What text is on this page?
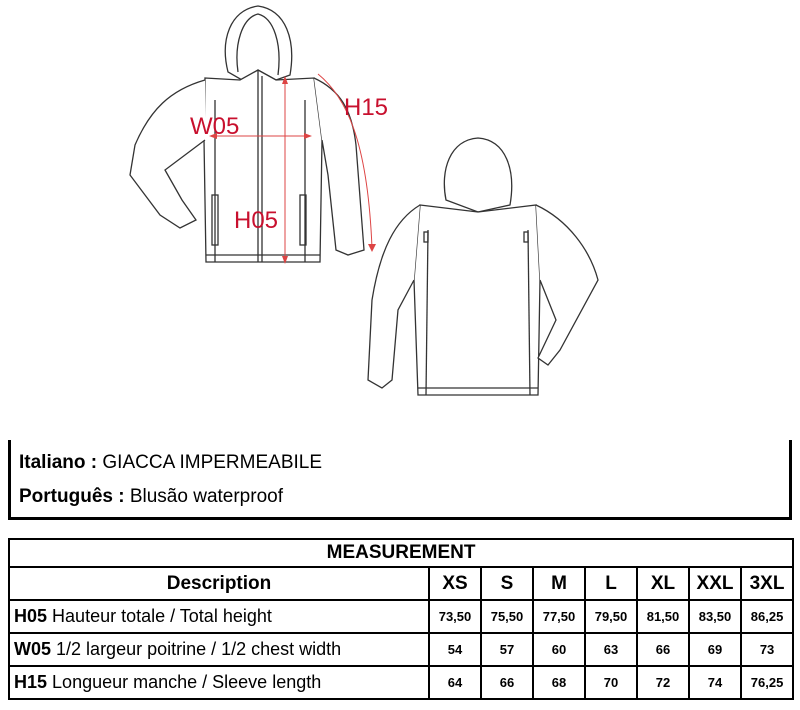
W05
H15
H05
Italiano : GIACCA IMPERMEABILE
Português : Blusão waterproof
MEASUREMENT							
Description	XS	S	M	L	XL	XXL	3XL
H05 Hauteur totale / Total height	73,50	75,50	77,50	79,50	81,50	83,50	86,25
W05 1/2 largeur poitrine / 1/2 chest width	54	57	60	63	66	69	73
H15 Longueur manche / Sleeve length	64	66	68	70	72	74	76,25
